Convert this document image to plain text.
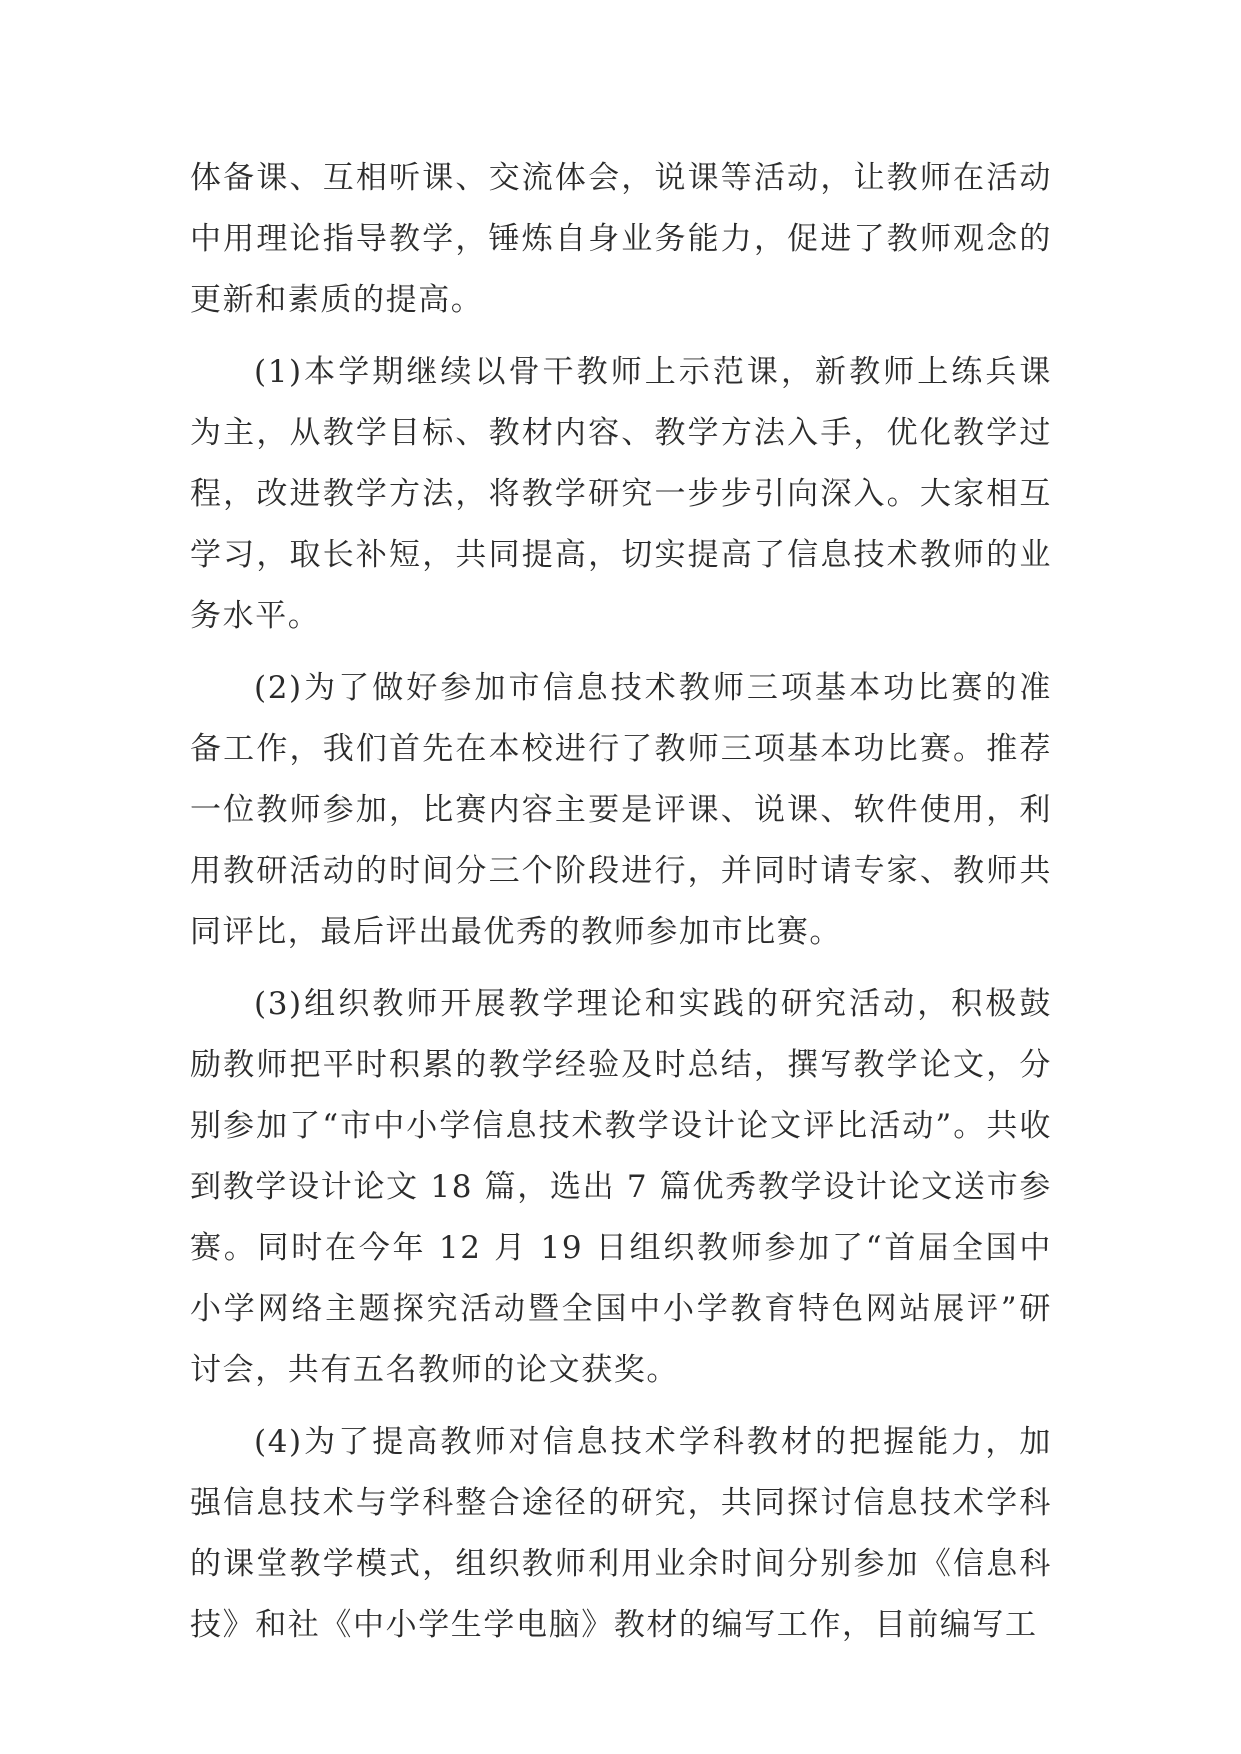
体备课、互相听课、交流体会，说课等活动，让教师在活动中用理论指导教学，锤炼自身业务能力，促进了教师观念的更新和素质的提高。

(1)本学期继续以骨干教师上示范课，新教师上练兵课为主，从教学目标、教材内容、教学方法入手，优化教学过程，改进教学方法，将教学研究一步步引向深入。大家相互学习，取长补短，共同提高，切实提高了信息技术教师的业务水平。

(2)为了做好参加市信息技术教师三项基本功比赛的准备工作，我们首先在本校进行了教师三项基本功比赛。推荐一位教师参加，比赛内容主要是评课、说课、软件使用，利用教研活动的时间分三个阶段进行，并同时请专家、教师共同评比，最后评出最优秀的教师参加市比赛。

(3)组织教师开展教学理论和实践的研究活动，积极鼓励教师把平时积累的教学经验及时总结，撰写教学论文，分别参加了“市中小学信息技术教学设计论文评比活动”。共收到教学设计论文 18 篇，选出 7 篇优秀教学设计论文送市参赛。同时在今年 12 月 19 日组织教师参加了“首届全国中小学网络主题探究活动暨全国中小学教育特色网站展评”研讨会，共有五名教师的论文获奖。

(4)为了提高教师对信息技术学科教材的把握能力，加强信息技术与学科整合途径的研究，共同探讨信息技术学科的课堂教学模式，组织教师利用业余时间分别参加《信息科技》和社《中小学生学电脑》教材的编写工作，目前编写工
